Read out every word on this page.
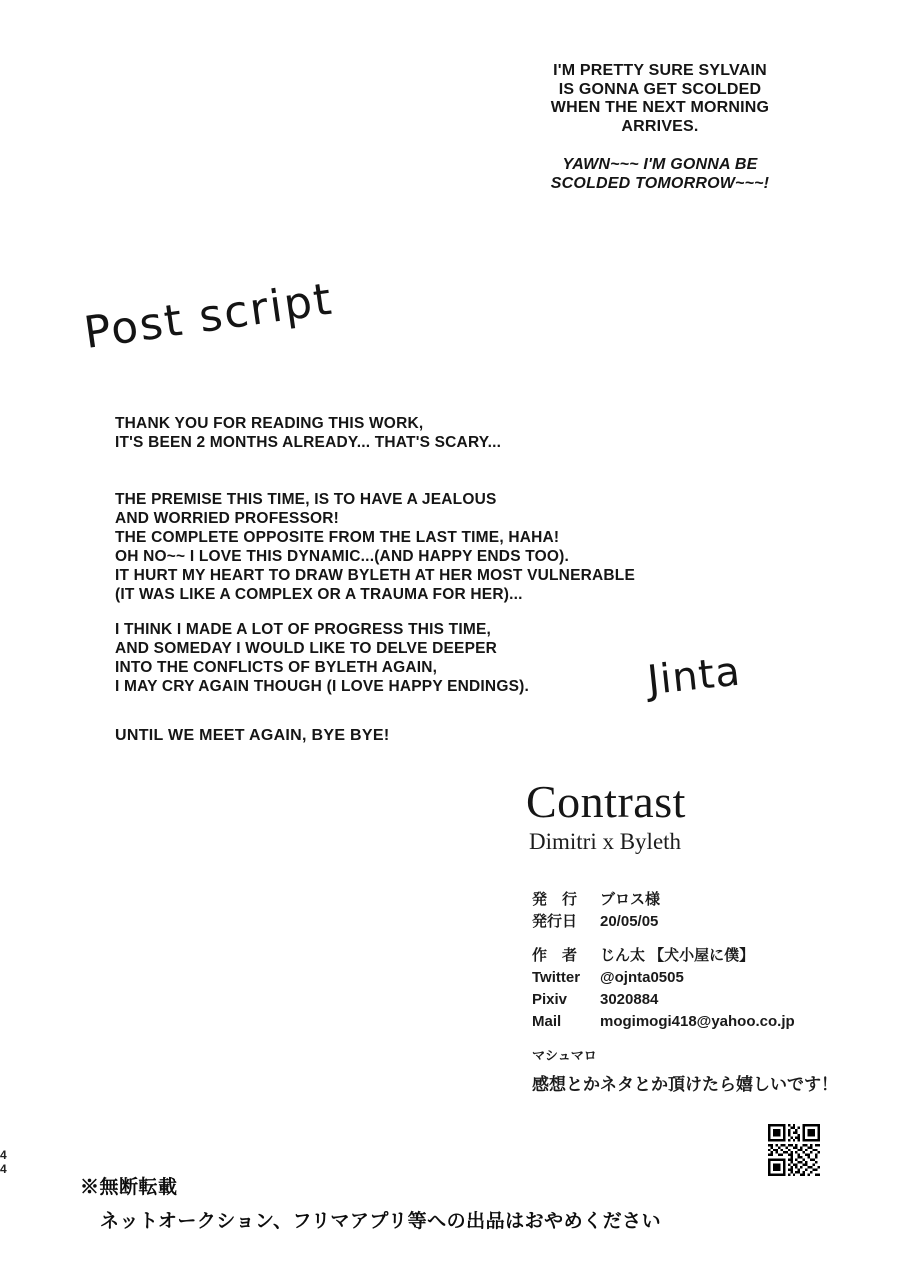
I'M PRETTY SURE SYLVAIN
IS GONNA GET SCOLDED
WHEN THE NEXT MORNING
ARRIVES.
YAWN~~~ I'M GONNA BE
SCOLDED TOMORROW~~~!
Post script
THANK YOU FOR READING THIS WORK,
IT'S BEEN 2 MONTHS ALREADY... THAT'S SCARY...
THE PREMISE THIS TIME, IS TO HAVE A JEALOUS
AND WORRIED PROFESSOR!
THE COMPLETE OPPOSITE FROM THE LAST TIME, HAHA!
OH NO~~ I LOVE THIS DYNAMIC...(AND HAPPY ENDS TOO).
IT HURT MY HEART TO DRAW BYLETH AT HER MOST VULNERABLE
(IT WAS LIKE A COMPLEX OR A TRAUMA FOR HER)...
I THINK I MADE A LOT OF PROGRESS THIS TIME,
AND SOMEDAY I WOULD LIKE TO DELVE DEEPER
INTO THE CONFLICTS OF BYLETH AGAIN,
I MAY CRY AGAIN THOUGH (I LOVE HAPPY ENDINGS).
UNTIL WE MEET AGAIN, BYE BYE!
Jinta
Contrast
Dimitri x Byleth
発　行	ブロス様
発行日	20/05/05
作　者	じん太 【犬小屋に僕】
Twitter	@ojnta0505
Pixiv	3020884
Mail	mogimogi418@yahoo.co.jp
マシュマロ
感想とかネタとか頂けたら嬉しいです！
4
4
※無断転載
ネットオークション、フリマアプリ等への出品はおやめください
